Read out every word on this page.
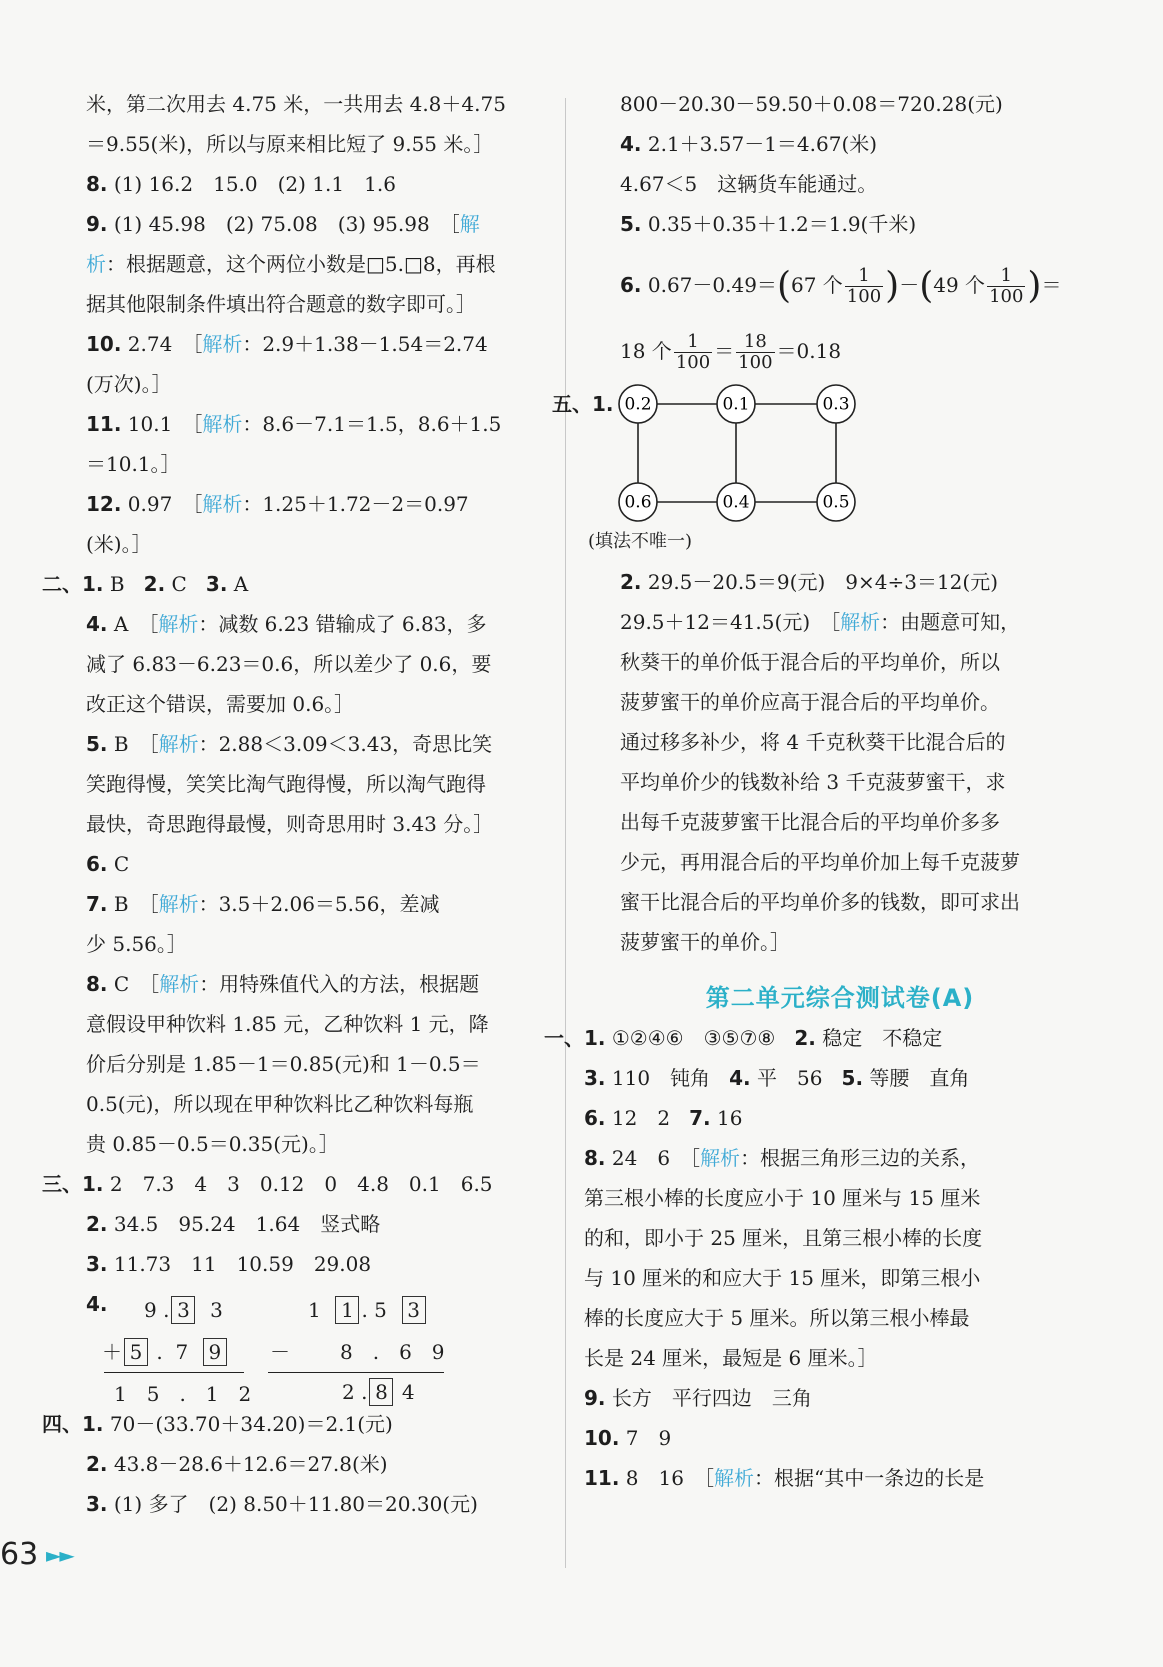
米，第二次用去 4.75 米，一共用去 4.8＋4.75
＝9.55(米)，所以与原来相比短了 9.55 米。］
8. (1) 16.2　15.0　(2) 1.1　1.6
9. (1) 45.98　(2) 75.08　(3) 95.98　［解
析：根据题意，这个两位小数是□5.□8，再根
据其他限制条件填出符合题意的数字即可。］
10. 2.74　［解析：2.9＋1.38－1.54＝2.74
(万次)。］
11. 10.1　［解析：8.6－7.1＝1.5，8.6＋1.5
＝10.1。］
12. 0.97　［解析：1.25＋1.72－2＝0.97
(米)。］
二、1. B 2. C 3. A
4. A　［解析：减数 6.23 错输成了 6.83，多
减了 6.83－6.23＝0.6，所以差少了 0.6，要
改正这个错误，需要加 0.6。］
5. B　［解析：2.88＜3.09＜3.43，奇思比笑
笑跑得慢，笑笑比淘气跑得慢，所以淘气跑得
最快，奇思跑得最慢，则奇思用时 3.43 分。］
6. C
7. B　［解析：3.5＋2.06＝5.56，差减
少 5.56。］
8. C　［解析：用特殊值代入的方法，根据题
意假设甲种饮料 1.85 元，乙种饮料 1 元，降
价后分别是 1.85－1＝0.85(元)和 1－0.5＝
0.5(元)，所以现在甲种饮料比乙种饮料每瓶
贵 0.85－0.5＝0.35(元)。］
三、1. 2　7.3　4　3　0.12　0　4.8　0.1　6.5
2. 34.5　95.24　1.64　竖式略
3. 11.73　11　10.59　29.08
4. 9 . 3 3
＋ 5 . 7 9
1　5　.　1　2
1 1 . 5 3
－	8　.　6　9
2 . 8 4
四、1. 70－(33.70＋34.20)＝2.1(元)
2. 43.8－28.6＋12.6＝27.8(米)
3. (1) 多了　(2) 8.50＋11.80＝20.30(元)
800－20.30－59.50＋0.08＝720.28(元)
4. 2.1＋3.57－1＝4.67(米)
4.67＜5　这辆货车能通过。
5. 0.35＋0.35＋1.2＝1.9(千米)
6. 0.67－0.49＝(67 个 $\frac{1}{100} )-(49$ 个 $\frac{1}{100}$ )＝
18 个 $\frac{1}{100} = \frac{18}{100} =0.18$
五、1. 0.2	0.1	0.3
0.6	0.4	0.5
(填法不唯一)
2. 29.5－20.5＝9(元)　9×4÷3＝12(元)
29.5＋12＝41.5(元)　［解析：由题意可知，
秋葵干的单价低于混合后的平均单价，所以
菠萝蜜干的单价应高于混合后的平均单价。
通过移多补少，将 4 千克秋葵干比混合后的
平均单价少的钱数补给 3 千克菠萝蜜干，求
出每千克菠萝蜜干比混合后的平均单价多多
少元，再用混合后的平均单价加上每千克菠萝
蜜干比混合后的平均单价多的钱数，即可求出
菠萝蜜干的单价。］
第二单元综合测试卷(A)
一、1. ①②④⑥　③⑤⑦⑧ 2. 稳定　不稳定
3. 110　钝角 4. 平　56 5. 等腰　直角
6. 12　2 7. 16
8. 24　6　［解析：根据三角形三边的关系，
第三根小棒的长度应小于 10 厘米与 15 厘米
的和，即小于 25 厘米，且第三根小棒的长度
与 10 厘米的和应大于 15 厘米，即第三根小
棒的长度应大于 5 厘米。所以第三根小棒最
长是 24 厘米，最短是 6 厘米。］
9. 长方　平行四边　三角
10. 7　9
11. 8　16　［解析：根据“其中一条边的长是
63 ►►
